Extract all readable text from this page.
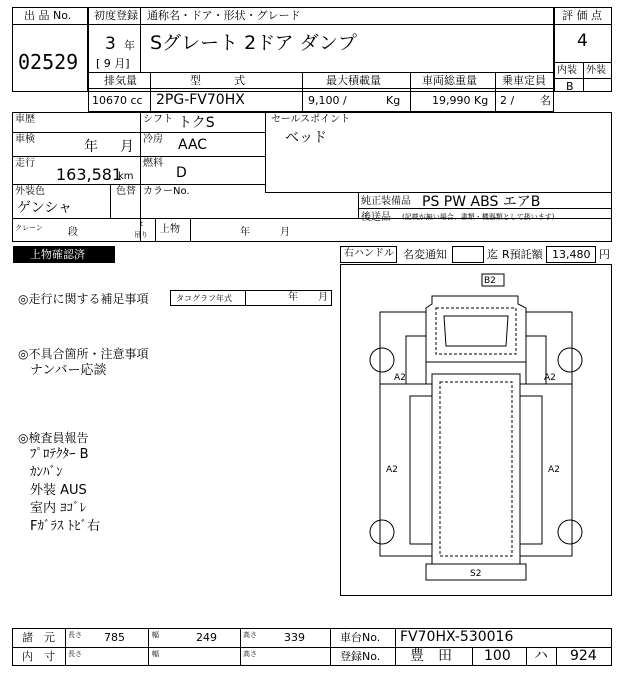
出 品 No.
02529
初度登録 通称名・ドア・形状・グレード
3 年
[ 9 月]
Sグレート 2ドア ダンプ
評 価 点
4
内装 外装
B
排気量	型　　　式	最大積載量	車両総重量 乗車定員
10670 cc 2PG-FV70HX	9,100 /	Kg	19,990 Kg 2 / 名
車歴	シフト トクS	セールスポイント
ベッド
車検	年 月 冷房 AAC
走行
163,581
km
燃料
D
外装色
ゲンシャ
色替 カラーNo.
純正装備品 PS PW ABS エアB
後送品 (記載が無い場合、書類・機器類として扱います)
クレーン	段
t
吊り 上物	年	月
上物確認済	右ハンドル 名変通知	迄 R預託額 13,480 円
◎走行に関する補足事項	タコグラフ年式	年 月
◎不具合箇所・注意事項
ナンバー応談
◎検査員報告
ﾌﾟﾛﾃｸﾀｰ B
ｶﾝﾊﾞﾝ
外装 AUS
室内 ﾖｺﾞﾚ
Fｶﾞﾗｽ ﾄﾋﾞ右
B2
A2	A2
A2	A2
S2
諸　元 長さ 785	幅	249	高さ 339	車台No. FV70HX-530016
内　寸 長さ	幅	高さ	登録No. 豊　田 100 ハ 924
